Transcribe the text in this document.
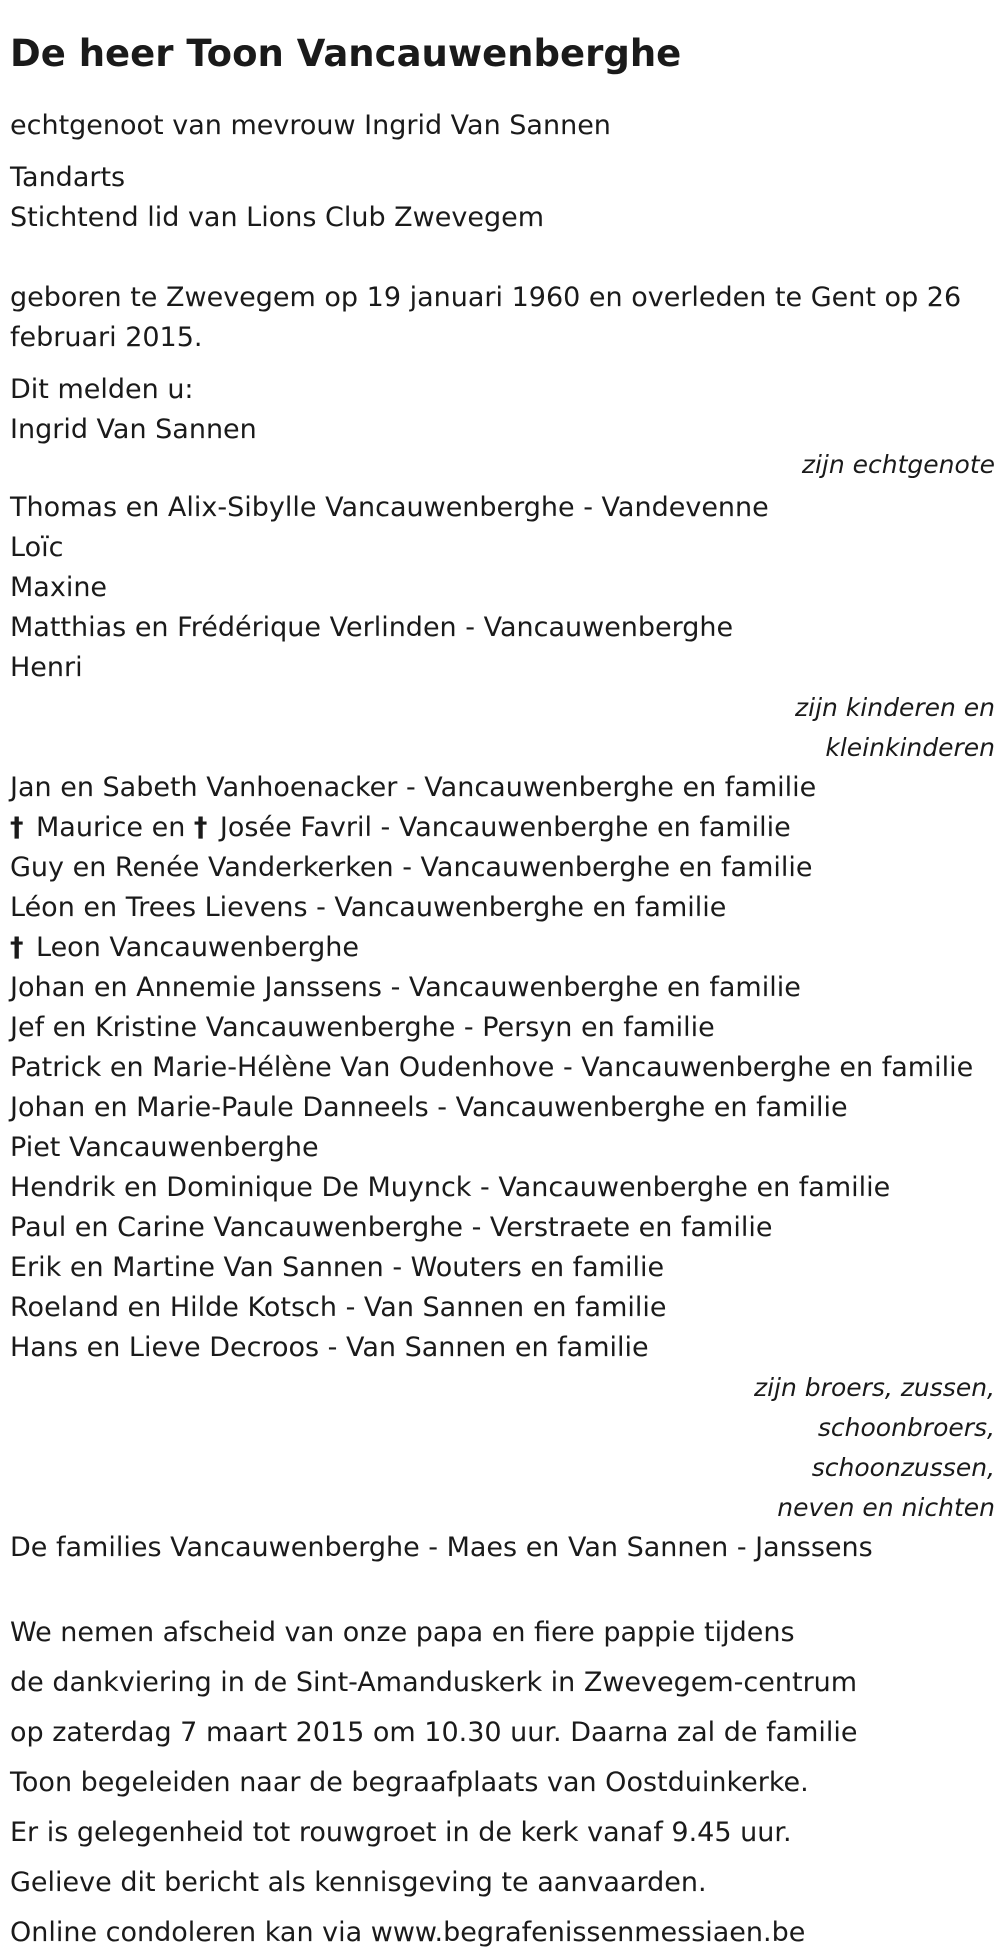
De heer Toon Vancauwenberghe
echtgenoot van mevrouw Ingrid Van Sannen
Tandarts
Stichtend lid van Lions Club Zwevegem
geboren te Zwevegem op 19 januari 1960 en overleden te Gent op 26 februari 2015.
Dit melden u:
Ingrid Van Sannen
zijn echtgenote
Thomas en Alix-Sibylle Vancauwenberghe - Vandevenne
Loïc
Maxine
Matthias en Frédérique Verlinden - Vancauwenberghe
Henri
zijn kinderen en
kleinkinderen
Jan en Sabeth Vanhoenacker - Vancauwenberghe en familie
† Maurice en † Josée Favril - Vancauwenberghe en familie
Guy en Renée Vanderkerken - Vancauwenberghe en familie
Léon en Trees Lievens - Vancauwenberghe en familie
† Leon Vancauwenberghe
Johan en Annemie Janssens - Vancauwenberghe en familie
Jef en Kristine Vancauwenberghe - Persyn en familie
Patrick en Marie-Hélène Van Oudenhove - Vancauwenberghe en familie
Johan en Marie-Paule Danneels - Vancauwenberghe en familie
Piet Vancauwenberghe
Hendrik en Dominique De Muynck - Vancauwenberghe en familie
Paul en Carine Vancauwenberghe - Verstraete en familie
Erik en Martine Van Sannen - Wouters en familie
Roeland en Hilde Kotsch - Van Sannen en familie
Hans en Lieve Decroos - Van Sannen en familie
zijn broers, zussen,
schoonbroers,
schoonzussen,
neven en nichten
De families Vancauwenberghe - Maes en Van Sannen - Janssens
We nemen afscheid van onze papa en fiere pappie tijdens
de dankviering in de Sint-Amanduskerk in Zwevegem-centrum
op zaterdag 7 maart 2015 om 10.30 uur. Daarna zal de familie
Toon begeleiden naar de begraafplaats van Oostduinkerke.
Er is gelegenheid tot rouwgroet in de kerk vanaf 9.45 uur.
Gelieve dit bericht als kennisgeving te aanvaarden.
Online condoleren kan via www.begrafenissenmessiaen.be
